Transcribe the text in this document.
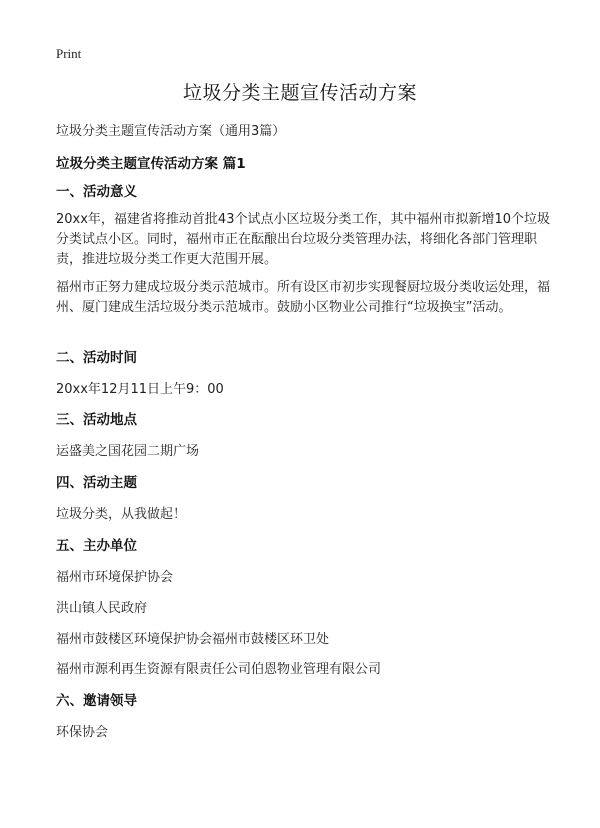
Print
垃圾分类主题宣传活动方案
垃圾分类主题宣传活动方案（通用3篇）
垃圾分类主题宣传活动方案 篇1
一、活动意义

20xx年，福建省将推动首批43个试点小区垃圾分类工作，其中福州市拟新增10个垃圾分类试点小区。同时，福州市正在酝酿出台垃圾分类管理办法，将细化各部门管理职责，推进垃圾分类工作更大范围开展。

福州市正努力建成垃圾分类示范城市。所有设区市初步实现餐厨垃圾分类收运处理，福州、厦门建成生活垃圾分类示范城市。鼓励小区物业公司推行“垃圾换宝”活动。

二、活动时间
20xx年12月11日上午9：00
三、活动地点
运盛美之国花园二期广场
四、活动主题
垃圾分类，从我做起！
五、主办单位
福州市环境保护协会
洪山镇人民政府
福州市鼓楼区环境保护协会福州市鼓楼区环卫处
福州市源利再生资源有限责任公司伯恩物业管理有限公司
六、邀请领导
环保协会
